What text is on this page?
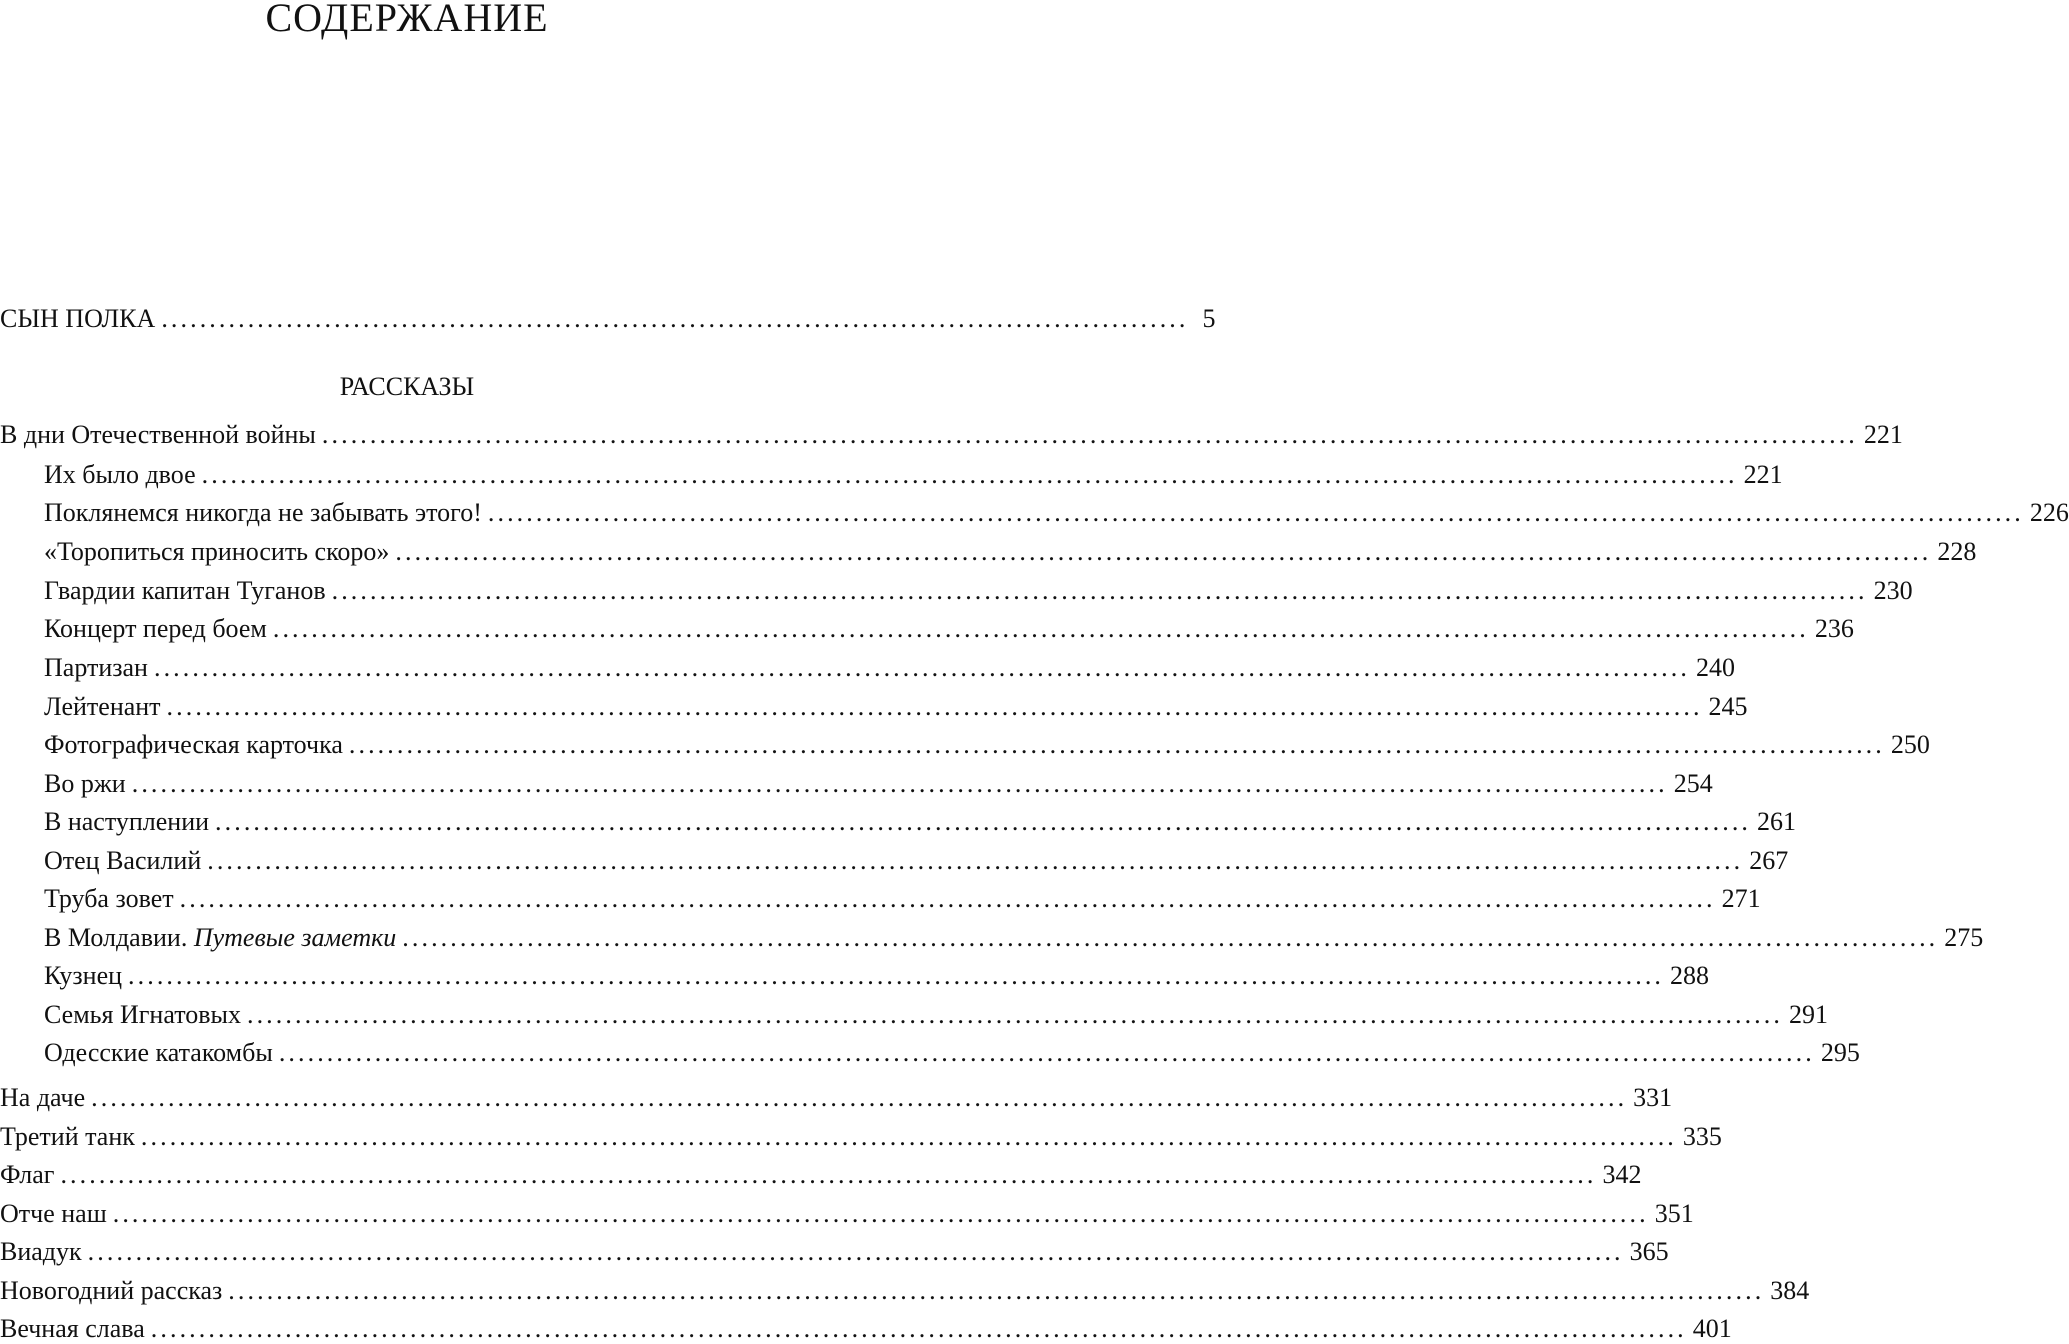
СОДЕРЖАНИЕ
СЫН ПОЛКА ........................................................................................................... 5
РАССКАЗЫ
В дни Отечественной войны ................................................................................................................................................................ 221
Их было двое ................................................................................................................................................................ 221
Поклянемся никогда не забывать этого! ................................................................................................................................................................ 226
«Торопиться приносить скоро» ................................................................................................................................................................ 228
Гвардии капитан Туганов ................................................................................................................................................................ 230
Концерт перед боем ................................................................................................................................................................ 236
Партизан ................................................................................................................................................................ 240
Лейтенант ................................................................................................................................................................ 245
Фотографическая карточка ................................................................................................................................................................ 250
Во ржи ................................................................................................................................................................ 254
В наступлении ................................................................................................................................................................ 261
Отец Василий ................................................................................................................................................................ 267
Труба зовет ................................................................................................................................................................ 271
В Молдавии. Путевые заметки ................................................................................................................................................................ 275
Кузнец ................................................................................................................................................................ 288
Семья Игнатовых ................................................................................................................................................................ 291
Одесские катакомбы ................................................................................................................................................................ 295
На даче ................................................................................................................................................................ 331
Третий танк ................................................................................................................................................................ 335
Флаг ................................................................................................................................................................ 342
Отче наш ................................................................................................................................................................ 351
Виадук ................................................................................................................................................................ 365
Новогодний рассказ ................................................................................................................................................................ 384
Вечная слава ................................................................................................................................................................ 401
